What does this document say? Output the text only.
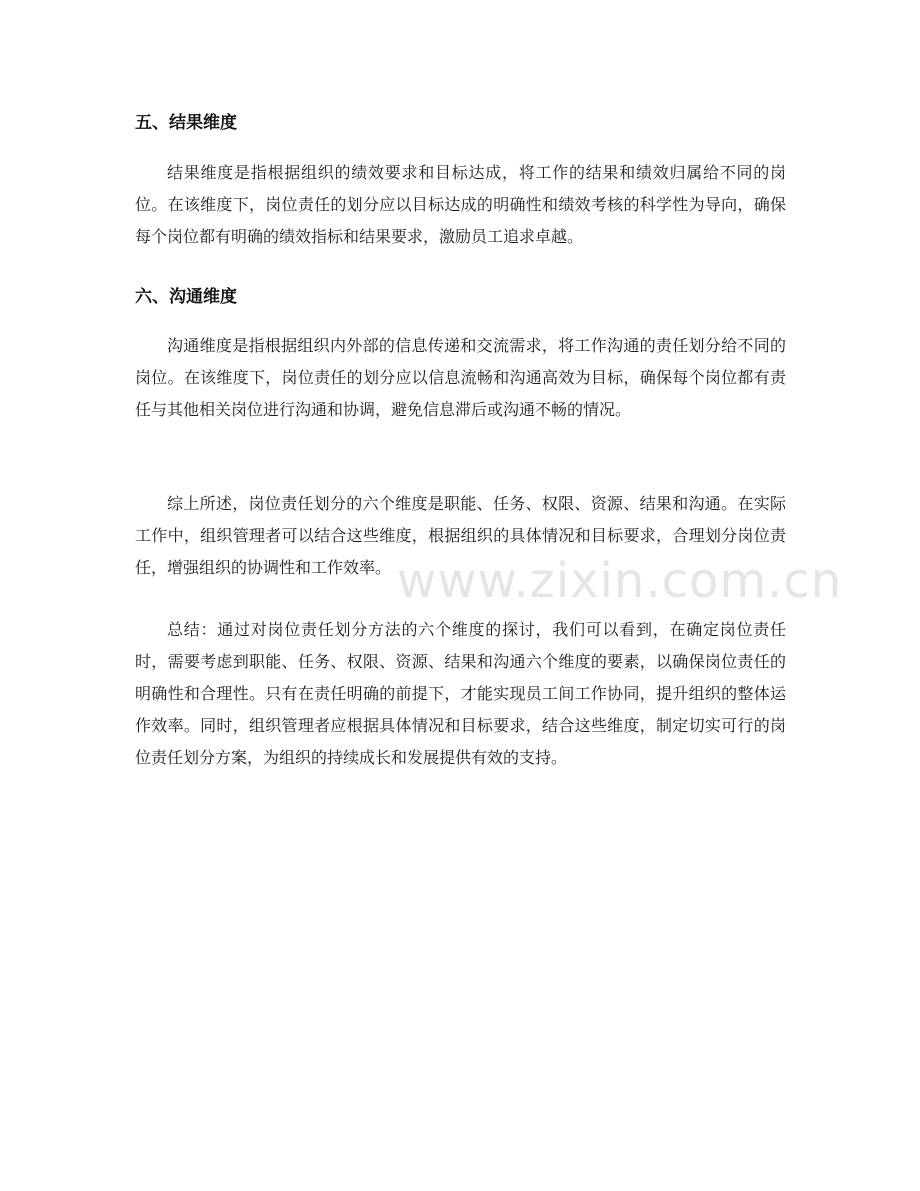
五、结果维度

结果维度是指根据组织的绩效要求和目标达成，将工作的结果和绩效归属给不同的岗位。在该维度下，岗位责任的划分应以目标达成的明确性和绩效考核的科学性为导向，确保每个岗位都有明确的绩效指标和结果要求，激励员工追求卓越。

六、沟通维度

沟通维度是指根据组织内外部的信息传递和交流需求，将工作沟通的责任划分给不同的岗位。在该维度下，岗位责任的划分应以信息流畅和沟通高效为目标，确保每个岗位都有责任与其他相关岗位进行沟通和协调，避免信息滞后或沟通不畅的情况。

综上所述，岗位责任划分的六个维度是职能、任务、权限、资源、结果和沟通。在实际工作中，组织管理者可以结合这些维度，根据组织的具体情况和目标要求，合理划分岗位责任，增强组织的协调性和工作效率。

总结：通过对岗位责任划分方法的六个维度的探讨，我们可以看到，在确定岗位责任时，需要考虑到职能、任务、权限、资源、结果和沟通六个维度的要素，以确保岗位责任的明确性和合理性。只有在责任明确的前提下，才能实现员工间工作协同，提升组织的整体运作效率。同时，组织管理者应根据具体情况和目标要求，结合这些维度，制定切实可行的岗位责任划分方案，为组织的持续成长和发展提供有效的支持。

www.zixin.com.cn
